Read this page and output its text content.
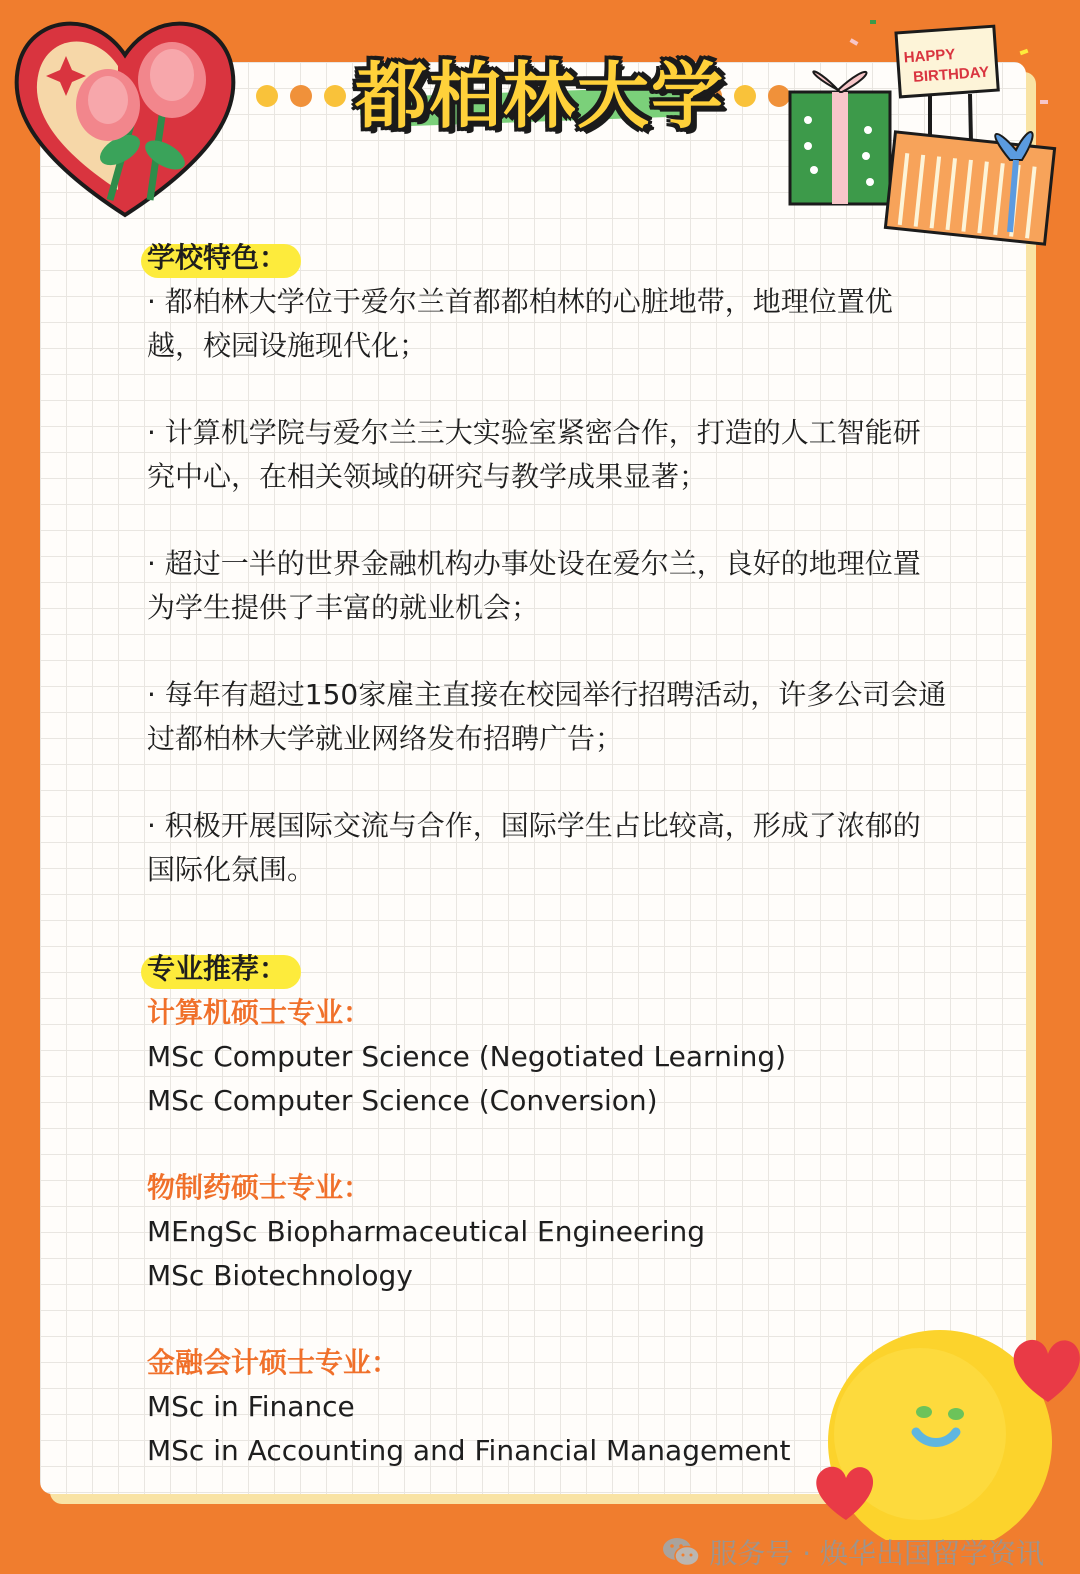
都柏林大学	HAPPY
BIRTHDAY
学校特色：

· 都柏林大学位于爱尔兰首都都柏林的心脏地带，地理位置优越，校园设施现代化；

· 计算机学院与爱尔兰三大实验室紧密合作，打造的人工智能研究中心，在相关领域的研究与教学成果显著；

· 超过一半的世界金融机构办事处设在爱尔兰，良好的地理位置为学生提供了丰富的就业机会；

· 每年有超过150家雇主直接在校园举行招聘活动，许多公司会通过都柏林大学就业网络发布招聘广告；

· 积极开展国际交流与合作，国际学生占比较高，形成了浓郁的国际化氛围。

专业推荐：

计算机硕士专业：

MSc Computer Science (Negotiated Learning)

MSc Computer Science (Conversion)

物制药硕士专业：

MEngSc Biopharmaceutical Engineering

MSc Biotechnology

金融会计硕士专业：

MSc in Finance

MSc in Accounting and Financial Management

服务号 · 焕华出国留学资讯
